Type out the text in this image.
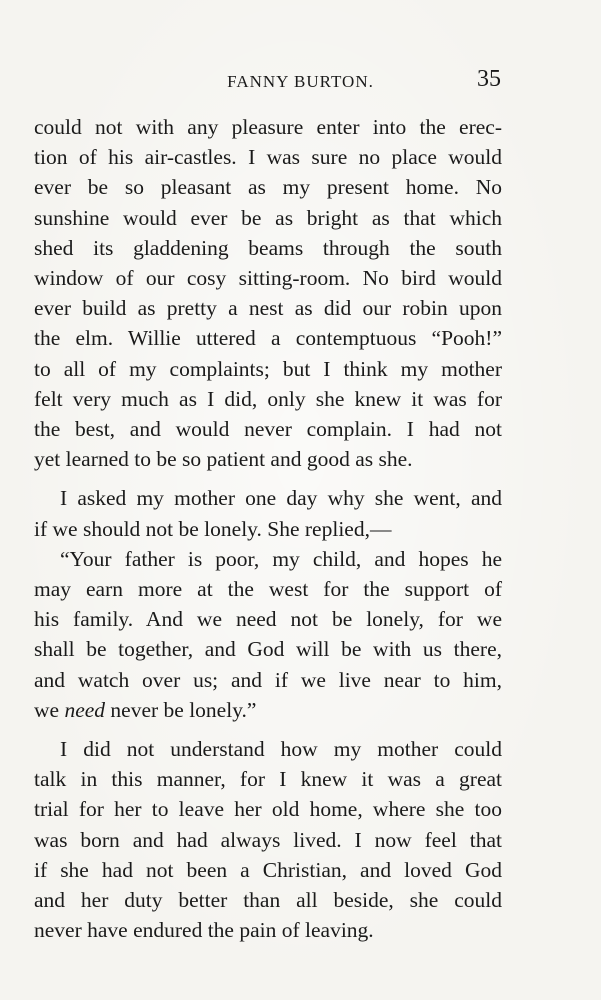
FANNY BURTON.	35
could not with any pleasure enter into the erec-
tion of his air-castles. I was sure no place would
ever be so pleasant as my present home. No
sunshine would ever be as bright as that which
shed its gladdening beams through the south
window of our cosy sitting-room. No bird would
ever build as pretty a nest as did our robin upon
the elm. Willie uttered a contemptuous “Pooh!”
to all of my complaints; but I think my mother
felt very much as I did, only she knew it was for
the best, and would never complain. I had not
yet learned to be so patient and good as she.
I asked my mother one day why she went, and
if we should not be lonely. She replied,—
“Your father is poor, my child, and hopes he
may earn more at the west for the support of
his family. And we need not be lonely, for we
shall be together, and God will be with us there,
and watch over us; and if we live near to him,
we need never be lonely.”
I did not understand how my mother could
talk in this manner, for I knew it was a great
trial for her to leave her old home, where she too
was born and had always lived. I now feel that
if she had not been a Christian, and loved God
and her duty better than all beside, she could
never have endured the pain of leaving.
